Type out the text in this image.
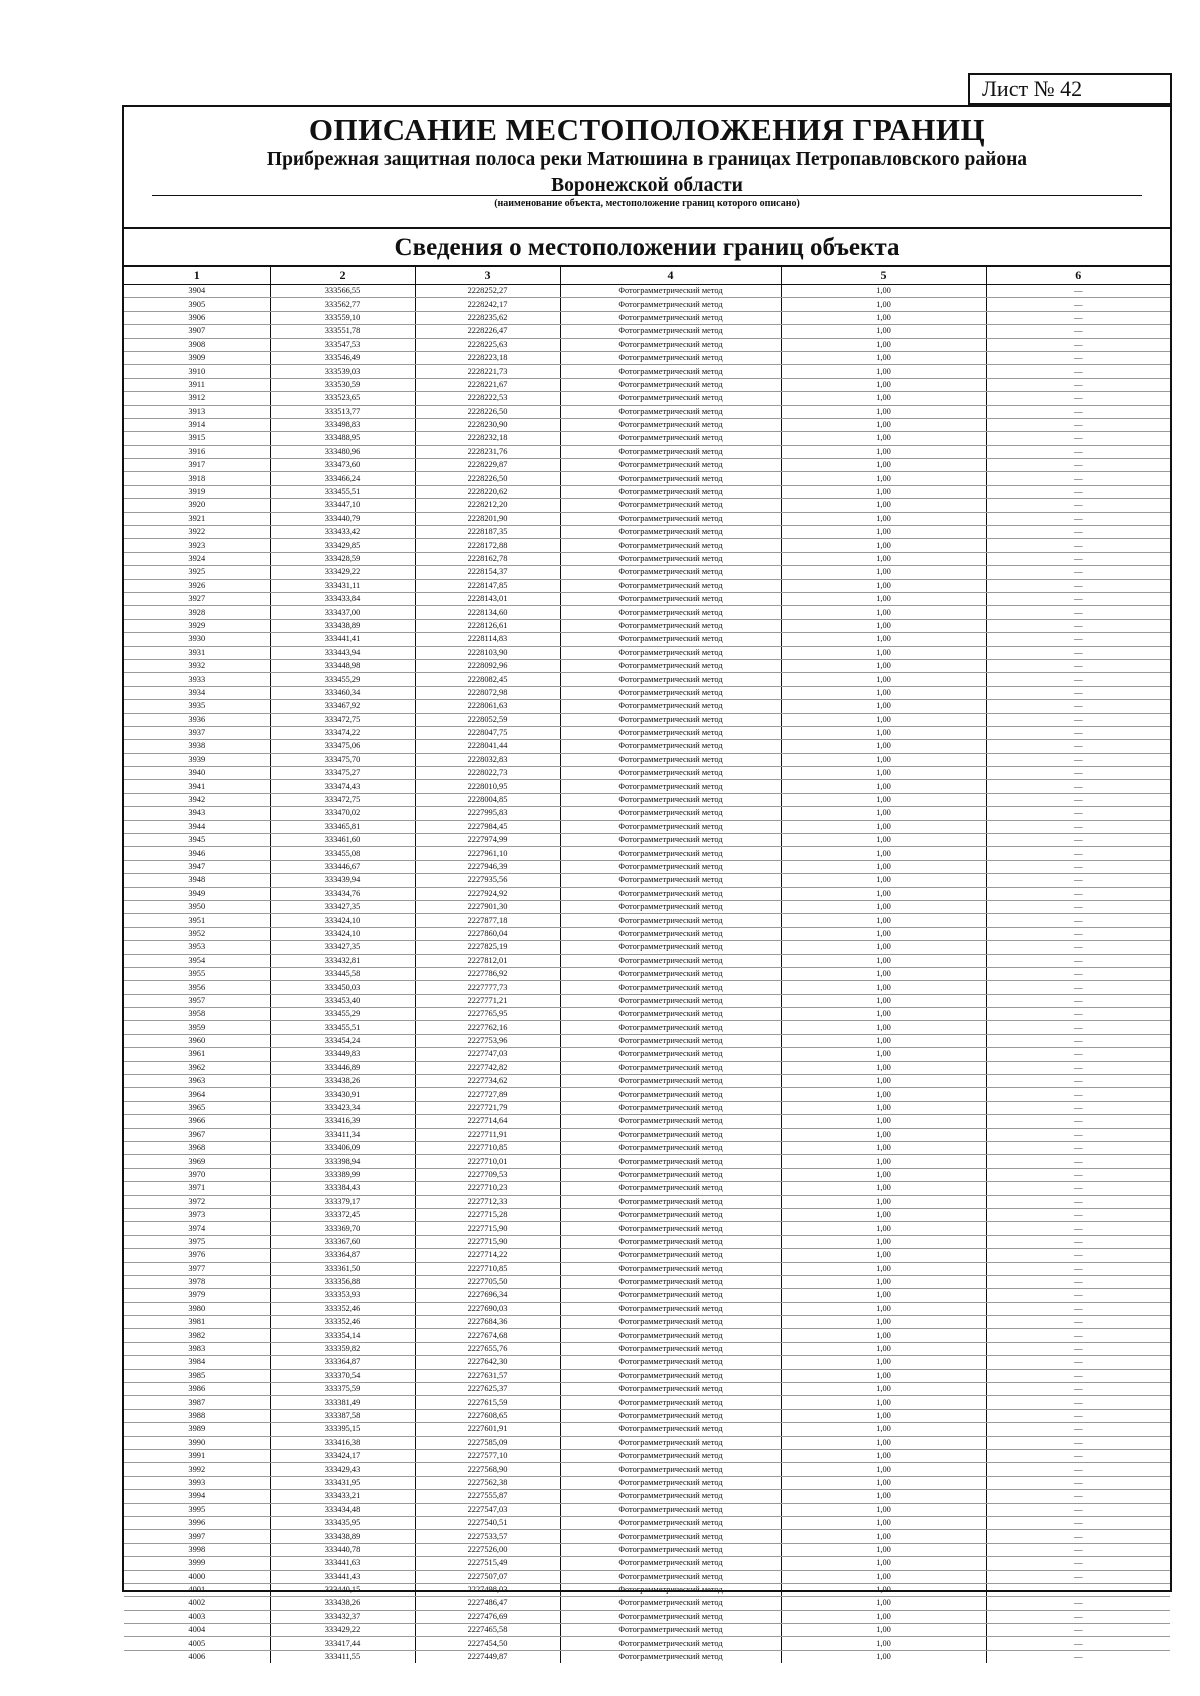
Лист № 42
ОПИСАНИЕ МЕСТОПОЛОЖЕНИЯ ГРАНИЦ
Прибрежная защитная полоса реки Матюшина в границах Петропавловского района
Воронежской области
(наименование объекта, местоположение границ которого описано)
Сведения о местоположении границ объекта
1	2	3	4	5	6
3904	333566,55	2228252,27	Фотограмметрический метод	1,00	—
3905	333562,77	2228242,17	Фотограмметрический метод	1,00	—
3906	333559,10	2228235,62	Фотограмметрический метод	1,00	—
3907	333551,78	2228226,47	Фотограмметрический метод	1,00	—
3908	333547,53	2228225,63	Фотограмметрический метод	1,00	—
3909	333546,49	2228223,18	Фотограмметрический метод	1,00	—
3910	333539,03	2228221,73	Фотограмметрический метод	1,00	—
3911	333530,59	2228221,67	Фотограмметрический метод	1,00	—
3912	333523,65	2228222,53	Фотограмметрический метод	1,00	—
3913	333513,77	2228226,50	Фотограмметрический метод	1,00	—
3914	333498,83	2228230,90	Фотограмметрический метод	1,00	—
3915	333488,95	2228232,18	Фотограмметрический метод	1,00	—
3916	333480,96	2228231,76	Фотограмметрический метод	1,00	—
3917	333473,60	2228229,87	Фотограмметрический метод	1,00	—
3918	333466,24	2228226,50	Фотограмметрический метод	1,00	—
3919	333455,51	2228220,62	Фотограмметрический метод	1,00	—
3920	333447,10	2228212,20	Фотограмметрический метод	1,00	—
3921	333440,79	2228201,90	Фотограмметрический метод	1,00	—
3922	333433,42	2228187,35	Фотограмметрический метод	1,00	—
3923	333429,85	2228172,88	Фотограмметрический метод	1,00	—
3924	333428,59	2228162,78	Фотограмметрический метод	1,00	—
3925	333429,22	2228154,37	Фотограмметрический метод	1,00	—
3926	333431,11	2228147,85	Фотограмметрический метод	1,00	—
3927	333433,84	2228143,01	Фотограмметрический метод	1,00	—
3928	333437,00	2228134,60	Фотограмметрический метод	1,00	—
3929	333438,89	2228126,61	Фотограмметрический метод	1,00	—
3930	333441,41	2228114,83	Фотограмметрический метод	1,00	—
3931	333443,94	2228103,90	Фотограмметрический метод	1,00	—
3932	333448,98	2228092,96	Фотограмметрический метод	1,00	—
3933	333455,29	2228082,45	Фотограмметрический метод	1,00	—
3934	333460,34	2228072,98	Фотограмметрический метод	1,00	—
3935	333467,92	2228061,63	Фотограмметрический метод	1,00	—
3936	333472,75	2228052,59	Фотограмметрический метод	1,00	—
3937	333474,22	2228047,75	Фотограмметрический метод	1,00	—
3938	333475,06	2228041,44	Фотограмметрический метод	1,00	—
3939	333475,70	2228032,83	Фотограмметрический метод	1,00	—
3940	333475,27	2228022,73	Фотограмметрический метод	1,00	—
3941	333474,43	2228010,95	Фотограмметрический метод	1,00	—
3942	333472,75	2228004,85	Фотограмметрический метод	1,00	—
3943	333470,02	2227995,83	Фотограмметрический метод	1,00	—
3944	333465,81	2227984,45	Фотограмметрический метод	1,00	—
3945	333461,60	2227974,99	Фотограмметрический метод	1,00	—
3946	333455,08	2227961,10	Фотограмметрический метод	1,00	—
3947	333446,67	2227946,39	Фотограмметрический метод	1,00	—
3948	333439,94	2227935,56	Фотограмметрический метод	1,00	—
3949	333434,76	2227924,92	Фотограмметрический метод	1,00	—
3950	333427,35	2227901,30	Фотограмметрический метод	1,00	—
3951	333424,10	2227877,18	Фотограмметрический метод	1,00	—
3952	333424,10	2227860,04	Фотограмметрический метод	1,00	—
3953	333427,35	2227825,19	Фотограмметрический метод	1,00	—
3954	333432,81	2227812,01	Фотограмметрический метод	1,00	—
3955	333445,58	2227786,92	Фотограмметрический метод	1,00	—
3956	333450,03	2227777,73	Фотограмметрический метод	1,00	—
3957	333453,40	2227771,21	Фотограмметрический метод	1,00	—
3958	333455,29	2227765,95	Фотограмметрический метод	1,00	—
3959	333455,51	2227762,16	Фотограмметрический метод	1,00	—
3960	333454,24	2227753,96	Фотограмметрический метод	1,00	—
3961	333449,83	2227747,03	Фотограмметрический метод	1,00	—
3962	333446,89	2227742,82	Фотограмметрический метод	1,00	—
3963	333438,26	2227734,62	Фотограмметрический метод	1,00	—
3964	333430,91	2227727,89	Фотограмметрический метод	1,00	—
3965	333423,34	2227721,79	Фотограмметрический метод	1,00	—
3966	333416,39	2227714,64	Фотограмметрический метод	1,00	—
3967	333411,34	2227711,91	Фотограмметрический метод	1,00	—
3968	333406,09	2227710,85	Фотограмметрический метод	1,00	—
3969	333398,94	2227710,01	Фотограмметрический метод	1,00	—
3970	333389,99	2227709,53	Фотограмметрический метод	1,00	—
3971	333384,43	2227710,23	Фотограмметрический метод	1,00	—
3972	333379,17	2227712,33	Фотограмметрический метод	1,00	—
3973	333372,45	2227715,28	Фотограмметрический метод	1,00	—
3974	333369,70	2227715,90	Фотограмметрический метод	1,00	—
3975	333367,60	2227715,90	Фотограмметрический метод	1,00	—
3976	333364,87	2227714,22	Фотограмметрический метод	1,00	—
3977	333361,50	2227710,85	Фотограмметрический метод	1,00	—
3978	333356,88	2227705,50	Фотограмметрический метод	1,00	—
3979	333353,93	2227696,34	Фотограмметрический метод	1,00	—
3980	333352,46	2227690,03	Фотограмметрический метод	1,00	—
3981	333352,46	2227684,36	Фотограмметрический метод	1,00	—
3982	333354,14	2227674,68	Фотограмметрический метод	1,00	—
3983	333359,82	2227655,76	Фотограмметрический метод	1,00	—
3984	333364,87	2227642,30	Фотограмметрический метод	1,00	—
3985	333370,54	2227631,57	Фотограмметрический метод	1,00	—
3986	333375,59	2227625,37	Фотограмметрический метод	1,00	—
3987	333381,49	2227615,59	Фотограмметрический метод	1,00	—
3988	333387,58	2227608,65	Фотограмметрический метод	1,00	—
3989	333395,15	2227601,91	Фотограмметрический метод	1,00	—
3990	333416,38	2227585,09	Фотограмметрический метод	1,00	—
3991	333424,17	2227577,10	Фотограмметрический метод	1,00	—
3992	333429,43	2227568,90	Фотограмметрический метод	1,00	—
3993	333431,95	2227562,38	Фотограмметрический метод	1,00	—
3994	333433,21	2227555,87	Фотограмметрический метод	1,00	—
3995	333434,48	2227547,03	Фотограмметрический метод	1,00	—
3996	333435,95	2227540,51	Фотограмметрический метод	1,00	—
3997	333438,89	2227533,57	Фотограмметрический метод	1,00	—
3998	333440,78	2227526,00	Фотограмметрический метод	1,00	—
3999	333441,63	2227515,49	Фотограмметрический метод	1,00	—
4000	333441,43	2227507,07	Фотограмметрический метод	1,00	—
4001	333440,15	2227498,03	Фотограмметрический метод	1,00	—
4002	333438,26	2227486,47	Фотограмметрический метод	1,00	—
4003	333432,37	2227476,69	Фотограмметрический метод	1,00	—
4004	333429,22	2227465,58	Фотограмметрический метод	1,00	—
4005	333417,44	2227454,50	Фотограмметрический метод	1,00	—
4006	333411,55	2227449,87	Фотограмметрический метод	1,00	—
